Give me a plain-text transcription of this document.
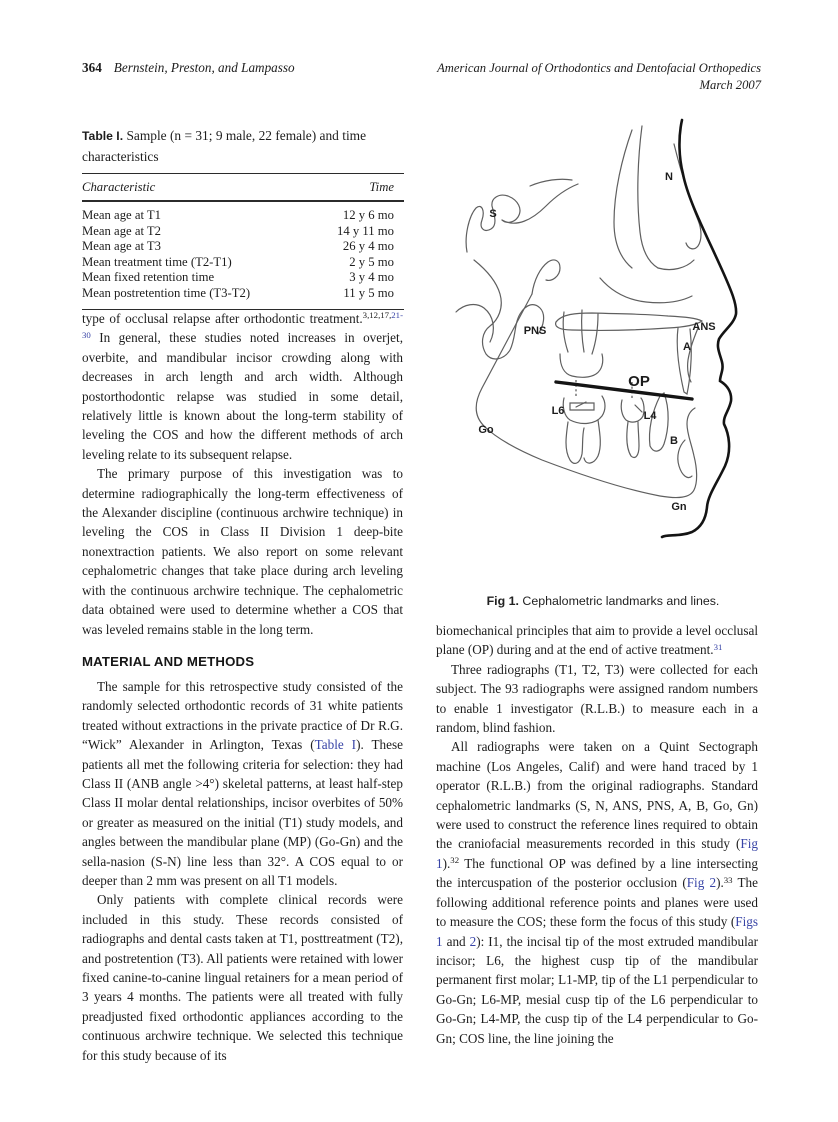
364 Bernstein, Preston, and Lampasso	American Journal of Orthodontics and Dentofacial Orthopedics
March 2007

Table I. Sample (n = 31; 9 male, 22 female) and time characteristics

Characteristic	Time
Mean age at T1	12 y 6 mo
Mean age at T2	14 y 11 mo
Mean age at T3	26 y 4 mo
Mean treatment time (T2-T1)	2 y 5 mo
Mean fixed retention time	3 y 4 mo
Mean postretention time (T3-T2)	11 y 5 mo
S
N
PNS	ANS
A
OP
L6	L4
Go
B
Gn
Fig 1. Cephalometric landmarks and lines.

type of occlusal relapse after orthodontic treatment.$^{3,12,17,21-30}$ In general, these studies noted increases in overjet, overbite, and mandibular incisor crowding along with decreases in arch length and arch width. Although postorthodontic relapse was studied in some detail, relatively little is known about the long-term stability of leveling the COS and how the different methods of arch leveling relate to its subsequent relapse.

The primary purpose of this investigation was to determine radiographically the long-term effectiveness of the Alexander discipline (continuous archwire technique) in leveling the COS in Class II Division 1 deep-bite nonextraction patients. We also report on some relevant cephalometric changes that take place during arch leveling with the continuous archwire technique. The cephalometric data obtained were used to determine whether a COS that was leveled remains stable in the long term.

MATERIAL AND METHODS

The sample for this retrospective study consisted of the randomly selected orthodontic records of 31 white patients treated without extractions in the private practice of Dr R.G. “Wick” Alexander in Arlington, Texas (Table I). These patients all met the following criteria for selection: they had Class II (ANB angle >4°) skeletal patterns, at least half-step Class II molar dental relationships, incisor overbites of 50% or greater as measured on the initial (T1) study models, and angles between the mandibular plane (MP) (Go-Gn) and the sella-nasion (S-N) line less than 32°. A COS equal to or deeper than 2 mm was present on all T1 models.

Only patients with complete clinical records were included in this study. These records consisted of radiographs and dental casts taken at T1, posttreatment (T2), and postretention (T3). All patients were retained with lower fixed canine-to-canine lingual retainers for a mean period of 3 years 4 months. The patients were all treated with fully preadjusted fixed orthodontic appliances according to the continuous archwire technique. We selected this technique for this study because of its

biomechanical principles that aim to provide a level occlusal plane (OP) during and at the end of active treatment.$^{31}$

Three radiographs (T1, T2, T3) were collected for each subject. The 93 radiographs were assigned random numbers to enable 1 investigator (R.L.B.) to measure each in a random, blind fashion.

All radiographs were taken on a Quint Sectograph machine (Los Angeles, Calif) and were hand traced by 1 operator (R.L.B.) from the original radiographs. Standard cephalometric landmarks (S, N, ANS, PNS, A, B, Go, Gn) were used to construct the reference lines required to obtain the craniofacial measurements recorded in this study (Fig 1).$^{32}$ The functional OP was defined by a line intersecting the intercuspation of the posterior occlusion (Fig 2).$^{33}$ The following additional reference points and planes were used to measure the COS; these form the focus of this study (Figs 1 and 2): I1, the incisal tip of the most extruded mandibular incisor; L6, the highest cusp tip of the mandibular permanent first molar; L1-MP, tip of the L1 perpendicular to Go-Gn; L6-MP, mesial cusp tip of the L6 perpendicular to Go-Gn; L4-MP, the cusp tip of the L4 perpendicular to Go-Gn; COS line, the line joining the
